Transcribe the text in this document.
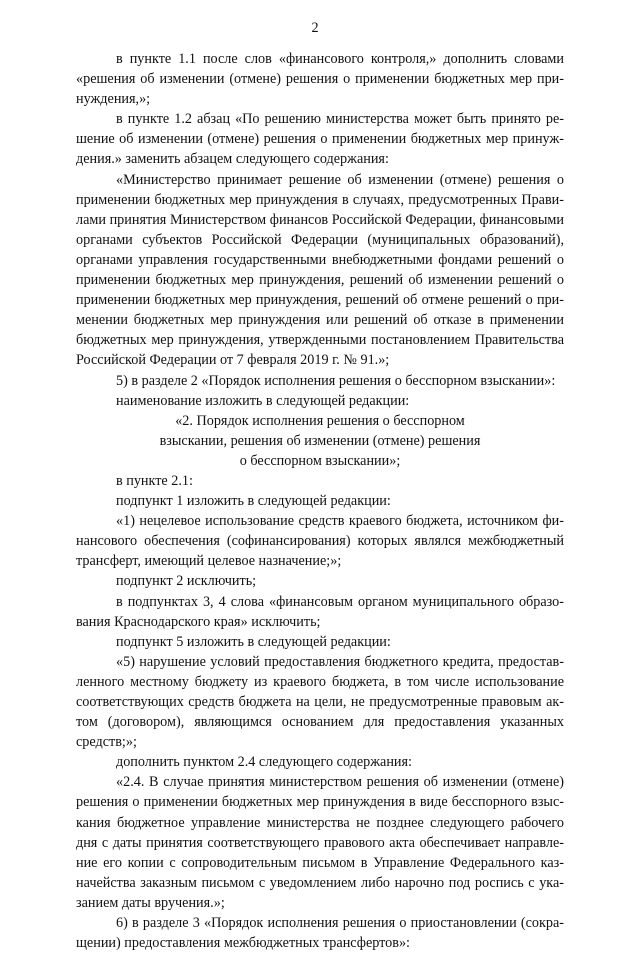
2

в пункте 1.1 после слов «финансового контроля,» дополнить словами «решения об изменении (отмене) решения о применении бюджетных мер принуждения,»;

в пункте 1.2 абзац «По решению министерства может быть принято решение об изменении (отмене) решения о применении бюджетных мер принуждения.» заменить абзацем следующего содержания:

«Министерство принимает решение об изменении (отмене) решения о применении бюджетных мер принуждения в случаях, предусмотренных Правилами принятия Министерством финансов Российской Федерации, финансовыми органами субъектов Российской Федерации (муниципальных образований), органами управления государственными внебюджетными фондами решений о применении бюджетных мер принуждения, решений об изменении решений о применении бюджетных мер принуждения, решений об отмене решений о применении бюджетных мер принуждения или решений об отказе в применении бюджетных мер принуждения, утвержденными постановлением Правительства Российской Федерации от 7 февраля 2019 г. № 91.»;

5) в разделе 2 «Порядок исполнения решения о бесспорном взыскании»:

наименование изложить в следующей редакции:

«2. Порядок исполнения решения о бесспорном

взыскании, решения об изменении (отмене) решения

о бесспорном взыскании»;

в пункте 2.1:

подпункт 1 изложить в следующей редакции:

«1) нецелевое использование средств краевого бюджета, источником финансового обеспечения (софинансирования) которых являлся межбюджетный трансферт, имеющий целевое назначение;»;

подпункт 2 исключить;

в подпунктах 3, 4 слова «финансовым органом муниципального образования Краснодарского края» исключить;

подпункт 5 изложить в следующей редакции:

«5) нарушение условий предоставления бюджетного кредита, предоставленного местному бюджету из краевого бюджета, в том числе использование соответствующих средств бюджета на цели, не предусмотренные правовым актом (договором), являющимся основанием для предоставления указанных средств;»;

дополнить пунктом 2.4 следующего содержания:

«2.4. В случае принятия министерством решения об изменении (отмене) решения о применении бюджетных мер принуждения в виде бесспорного взыскания бюджетное управление министерства не позднее следующего рабочего дня с даты принятия соответствующего правового акта обеспечивает направление его копии с сопроводительным письмом в Управление Федерального казначейства заказным письмом с уведомлением либо нарочно под роспись с указанием даты вручения.»;

6) в разделе 3 «Порядок исполнения решения о приостановлении (сокращении) предоставления межбюджетных трансфертов»:
